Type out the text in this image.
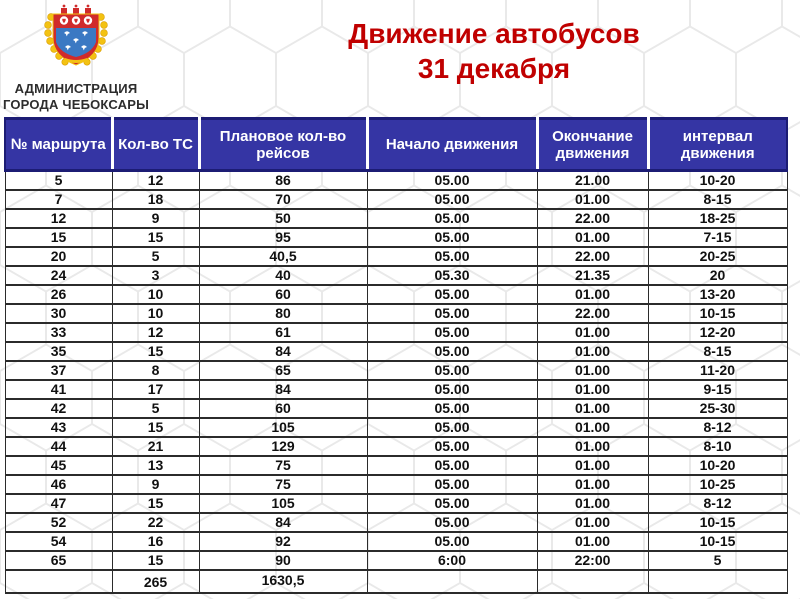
АДМИНИСТРАЦИЯ
ГОРОДА ЧЕБОКСАРЫ
Движение автобусов
31 декабря
№ маршрута	Кол-во ТС	Плановое кол-во рейсов	Начало движения	Окончание движения	интервал движения
5	12	86	05.00	21.00	10-20
7	18	70	05.00	01.00	8-15
12	9	50	05.00	22.00	18-25
15	15	95	05.00	01.00	7-15
20	5	40,5	05.00	22.00	20-25
24	3	40	05.30	21.35	20
26	10	60	05.00	01.00	13-20
30	10	80	05.00	22.00	10-15
33	12	61	05.00	01.00	12-20
35	15	84	05.00	01.00	8-15
37	8	65	05.00	01.00	11-20
41	17	84	05.00	01.00	9-15
42	5	60	05.00	01.00	25-30
43	15	105	05.00	01.00	8-12
44	21	129	05.00	01.00	8-10
45	13	75	05.00	01.00	10-20
46	9	75	05.00	01.00	10-25
47	15	105	05.00	01.00	8-12
52	22	84	05.00	01.00	10-15
54	16	92	05.00	01.00	10-15
65	15	90	6:00	22:00	5
	265	1630,5			
